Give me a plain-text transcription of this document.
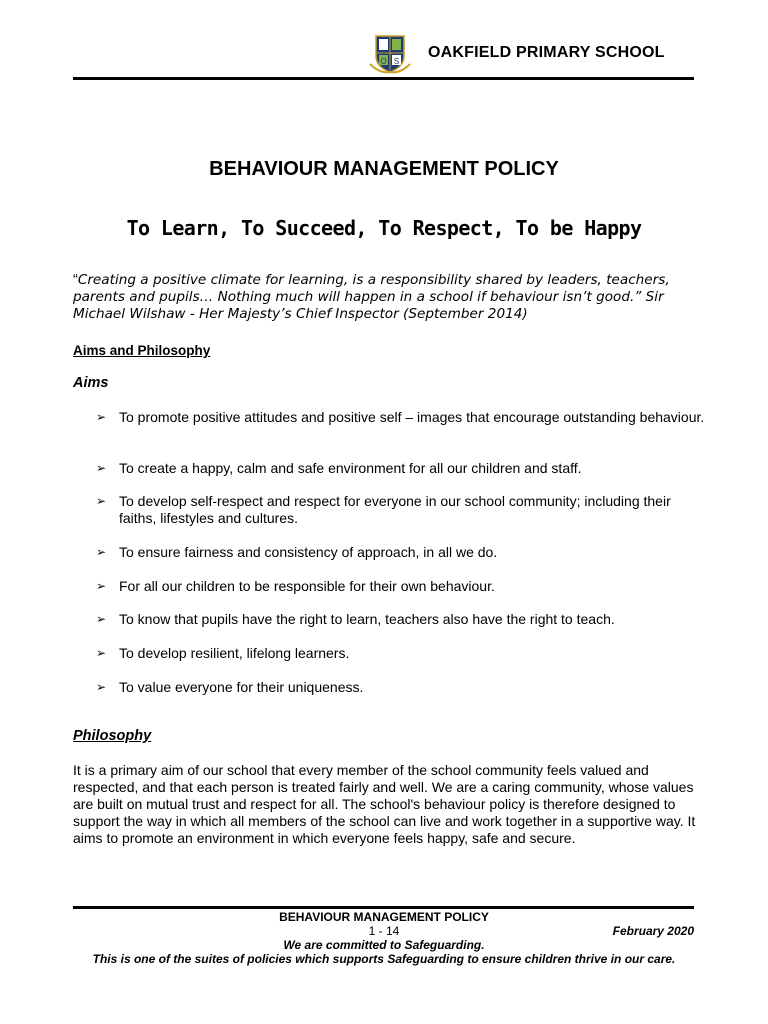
O S
OAKFIELD PRIMARY SCHOOL
BEHAVIOUR MANAGEMENT POLICY
To Learn, To Succeed, To Respect, To be Happy
“Creating a positive climate for learning, is a responsibility shared by leaders, teachers, parents and pupils… Nothing much will happen in a school if behaviour isn’t good.” Sir Michael Wilshaw - Her Majesty’s Chief Inspector (September 2014)
Aims and Philosophy
Aims
➢ To promote positive attitudes and positive self – images that encourage outstanding behaviour.
➢ To create a happy, calm and safe environment for all our children and staff.
➢ To develop self-respect and respect for everyone in our school community; including their faiths, lifestyles and cultures.
➢ To ensure fairness and consistency of approach, in all we do.
➢ For all our children to be responsible for their own behaviour.
➢ To know that pupils have the right to learn, teachers also have the right to teach.
➢ To develop resilient, lifelong learners.
➢ To value everyone for their uniqueness.
Philosophy
It is a primary aim of our school that every member of the school community feels valued and respected, and that each person is treated fairly and well. We are a caring community, whose values are built on mutual trust and respect for all. The school's behaviour policy is therefore designed to support the way in which all members of the school can live and work together in a supportive way. It aims to promote an environment in which everyone feels happy, safe and secure.
BEHAVIOUR MANAGEMENT POLICY
1 - 14	February 2020
We are committed to Safeguarding.
This is one of the suites of policies which supports Safeguarding to ensure children thrive in our care.
